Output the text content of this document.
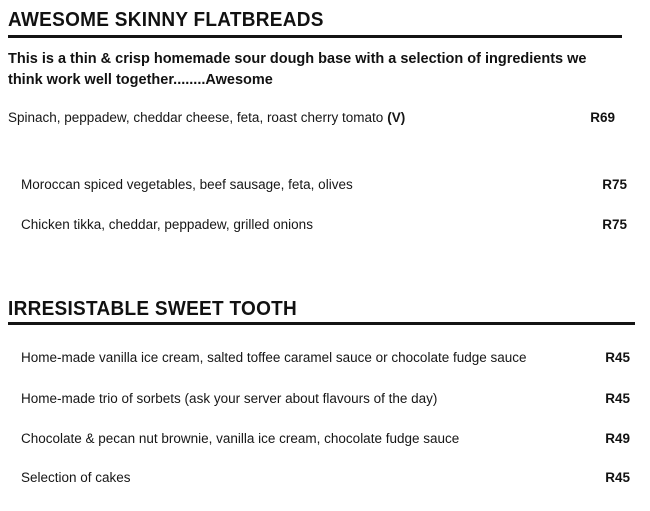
AWESOME SKINNY FLATBREADS
This is a thin & crisp homemade sour dough base with a selection of ingredients we
think work well together........Awesome
Spinach, peppadew, cheddar cheese, feta, roast cherry tomato (V)	R69
Moroccan spiced vegetables, beef sausage, feta, olives	R75
Chicken tikka, cheddar, peppadew, grilled onions	R75
IRRESISTABLE SWEET TOOTH
Home-made vanilla ice cream, salted toffee caramel sauce or chocolate fudge sauce	R45
Home-made trio of sorbets (ask your server about flavours of the day)	R45
Chocolate & pecan nut brownie, vanilla ice cream, chocolate fudge sauce	R49
Selection of cakes	R45
